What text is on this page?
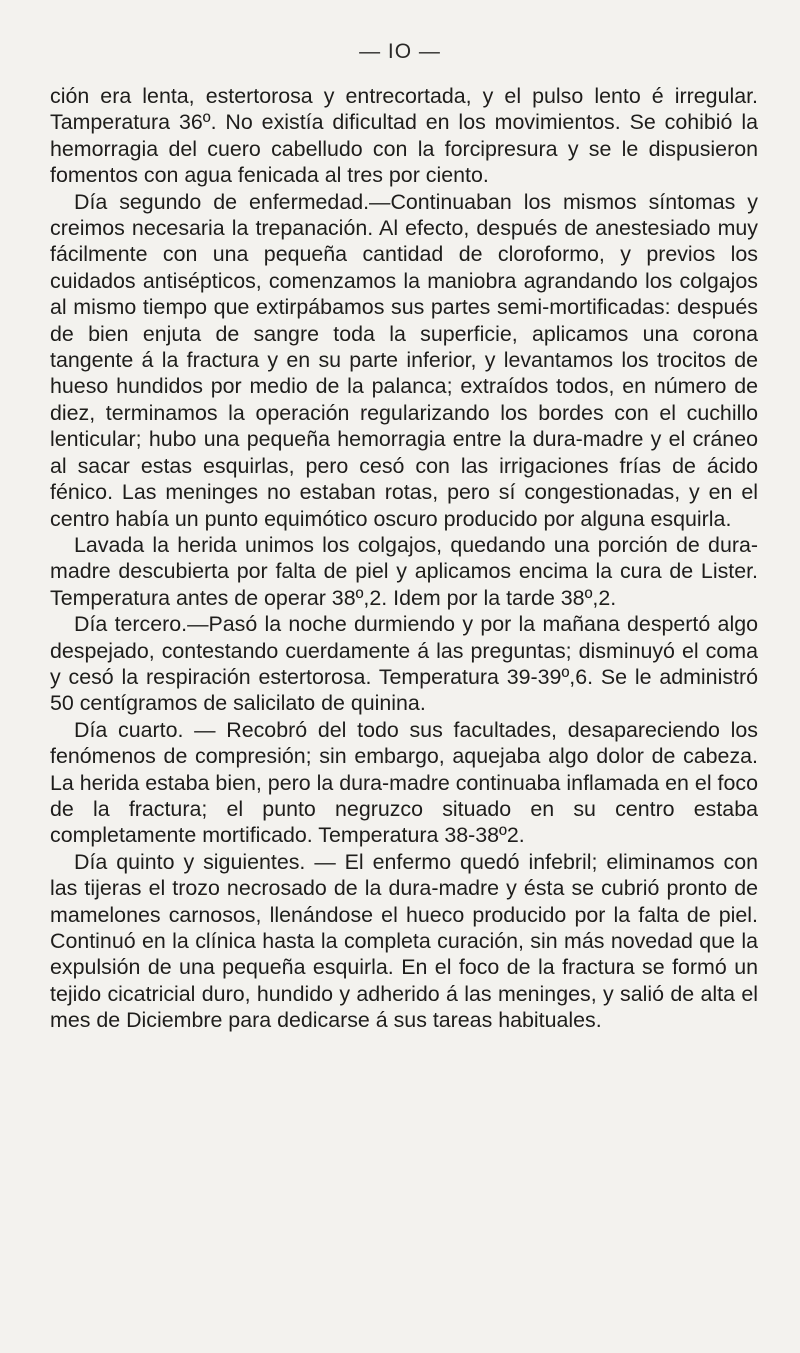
— IO —

ción era lenta, estertorosa y entrecortada, y el pulso lento é irregular. Tamperatura 36º. No existía dificultad en los movimientos. Se cohibió la hemorragia del cuero cabelludo con la forcipresura y se le dispusieron fomentos con agua fenicada al tres por ciento.

Día segundo de enfermedad.—Continuaban los mismos síntomas y creimos necesaria la trepanación. Al efecto, después de anestesiado muy fácilmente con una pequeña cantidad de cloroformo, y previos los cuidados antisépticos, comenzamos la maniobra agrandando los colgajos al mismo tiempo que extirpábamos sus partes semi-mortificadas: después de bien enjuta de sangre toda la superficie, aplicamos una corona tangente á la fractura y en su parte inferior, y levantamos los trocitos de hueso hundidos por medio de la palanca; extraídos todos, en número de diez, terminamos la operación regularizando los bordes con el cuchillo lenticular; hubo una pequeña hemorragia entre la dura-madre y el cráneo al sacar estas esquirlas, pero cesó con las irrigaciones frías de ácido fénico. Las meninges no estaban rotas, pero sí congestionadas, y en el centro había un punto equimótico oscuro producido por alguna esquirla.

Lavada la herida unimos los colgajos, quedando una porción de dura-madre descubierta por falta de piel y aplicamos encima la cura de Lister. Temperatura antes de operar 38º,2. Idem por la tarde 38º,2.

Día tercero.—Pasó la noche durmiendo y por la mañana despertó algo despejado, contestando cuerdamente á las preguntas; disminuyó el coma y cesó la respiración estertorosa. Temperatura 39-39º,6. Se le administró 50 centígramos de salicilato de quinina.

Día cuarto. — Recobró del todo sus facultades, desapareciendo los fenómenos de compresión; sin embargo, aquejaba algo dolor de cabeza. La herida estaba bien, pero la dura-madre continuaba inflamada en el foco de la fractura; el punto negruzco situado en su centro estaba completamente mortificado. Temperatura 38-38º2.

Día quinto y siguientes. — El enfermo quedó infebril; eliminamos con las tijeras el trozo necrosado de la dura-madre y ésta se cubrió pronto de mamelones carnosos, llenándose el hueco producido por la falta de piel. Continuó en la clínica hasta la completa curación, sin más novedad que la expulsión de una pequeña esquirla. En el foco de la fractura se formó un tejido cicatricial duro, hundido y adherido á las meninges, y salió de alta el mes de Diciembre para dedicarse á sus tareas habituales.
